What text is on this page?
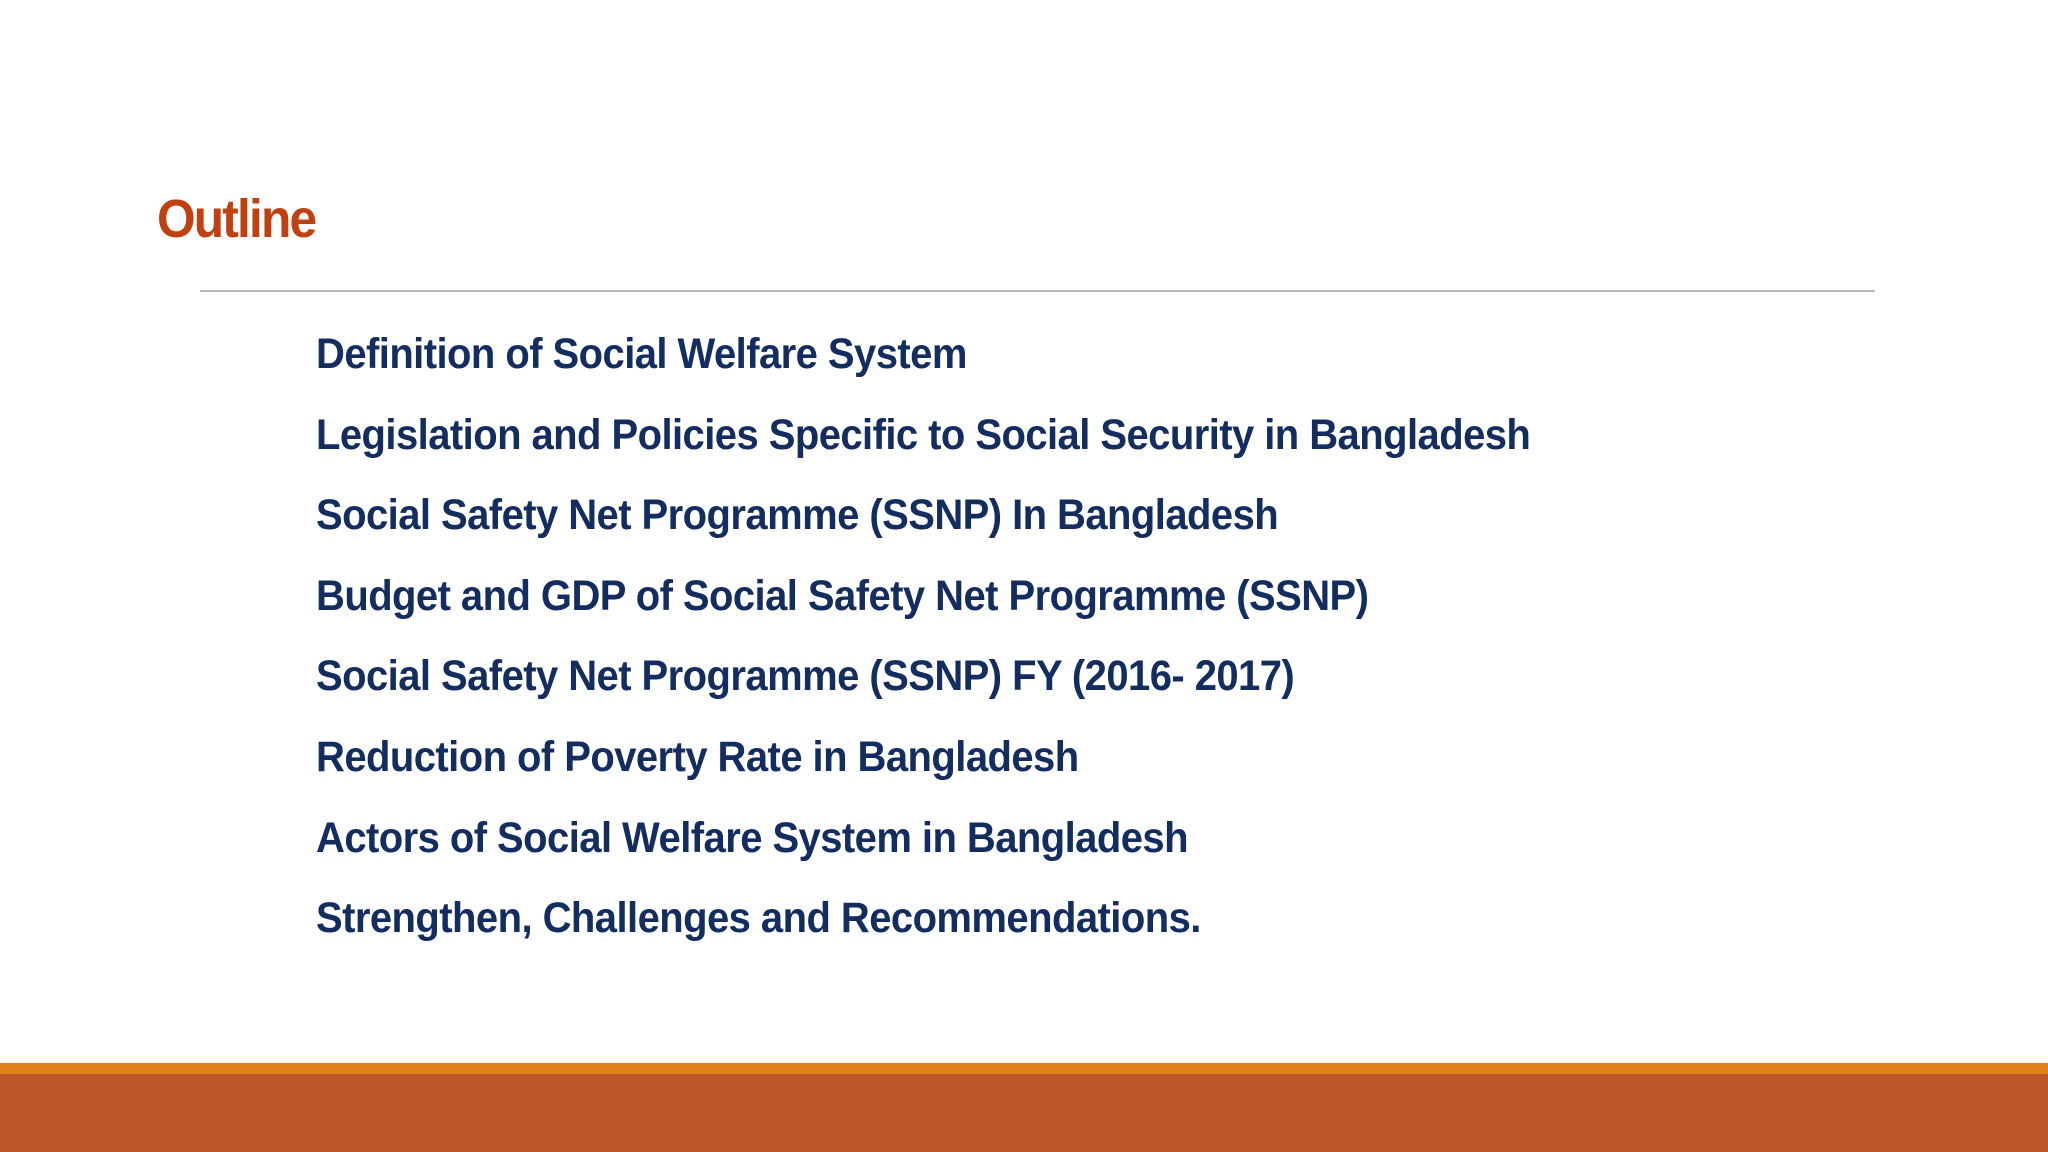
Outline
Definition of Social Welfare System
Legislation and Policies Specific to Social Security in Bangladesh
Social Safety Net Programme (SSNP) In Bangladesh
Budget and GDP of Social Safety Net Programme (SSNP)
Social Safety Net Programme (SSNP) FY (2016- 2017)
Reduction of Poverty Rate in Bangladesh
Actors of Social Welfare System in Bangladesh
Strengthen, Challenges and Recommendations.
